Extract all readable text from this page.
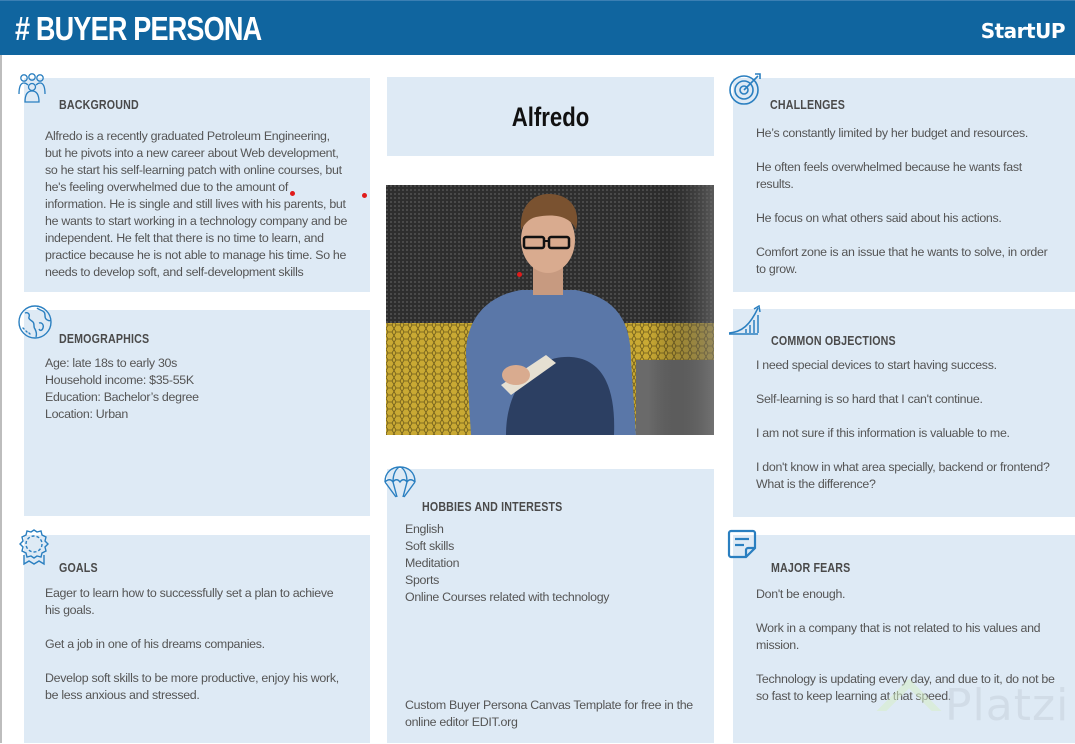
# BUYER PERSONA	StartUP
BACKGROUND
Alfredo is a recently graduated Petroleum Engineering,
but he pivots into a new career about Web development,
so he start his self-learning patch with online courses, but
he's feeling overwhelmed due to the amount of
information. He is single and still lives with his parents, but
he wants to start working in a technology company and be
independent. He felt that there is no time to learn, and
practice because he is not able to manage his time. So he
needs to develop soft, and self-development skills
DEMOGRAPHICS
Age: late 18s to early 30s
Household income: $35-55K
Education: Bachelor’s degree
Location: Urban
GOALS

Eager to learn how to successfully set a plan to achieve
his goals.

Get a job in one of his dreams companies.

Develop soft skills to be more productive, enjoy his work,
be less anxious and stressed.

Alfredo
HOBBIES AND INTERESTS
English
Soft skills
Meditation
Sports
Online Courses related with technology
Custom Buyer Persona Canvas Template for free in the
online editor EDIT.org
CHALLENGES

He’s constantly limited by her budget and resources.

He often feels overwhelmed because he wants fast
results.

He focus on what others said about his actions.

Comfort zone is an issue that he wants to solve, in order
to grow.

COMMON OBJECTIONS

I need special devices to start having success.

Self-learning is so hard that I can't continue.

I am not sure if this information is valuable to me.

I don't know in what area specially, backend or frontend?
What is the difference?

MAJOR FEARS

Don't be enough.

Work in a company that is not related to his values and
mission.

Technology is updating every day, and due to it, do not be
so fast to keep learning at that speed.

Platzi
